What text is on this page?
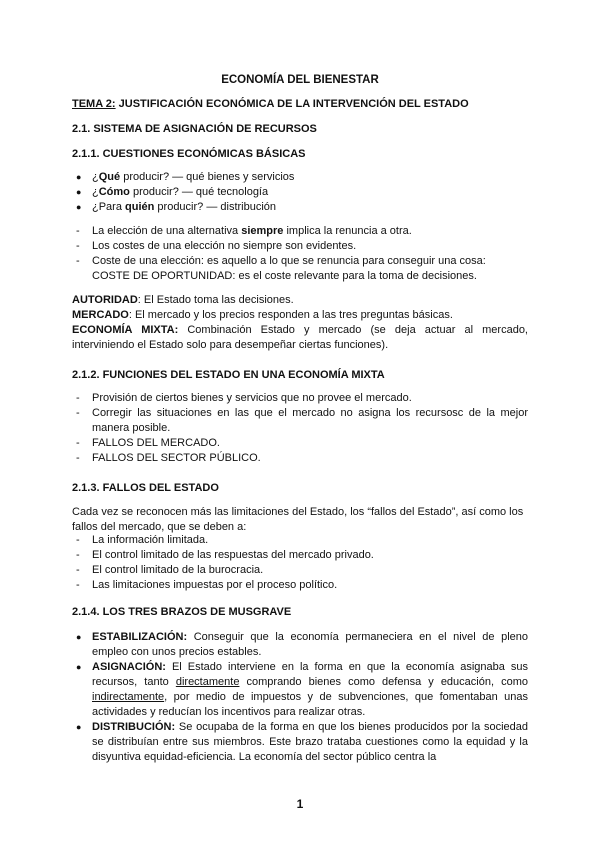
ECONOMÍA DEL BIENESTAR
TEMA 2: JUSTIFICACIÓN ECONÓMICA DE LA INTERVENCIÓN DEL ESTADO
2.1. SISTEMA DE ASIGNACIÓN DE RECURSOS
2.1.1. CUESTIONES ECONÓMICAS BÁSICAS
● ¿Qué producir? — qué bienes y servicios
● ¿Cómo producir? — qué tecnología
● ¿Para quién producir? — distribución
- La elección de una alternativa siempre implica la renuncia a otra.
- Los costes de una elección no siempre son evidentes.
- Coste de una elección: es aquello a lo que se renuncia para conseguir una cosa:
COSTE DE OPORTUNIDAD: es el coste relevante para la toma de decisiones.
AUTORIDAD: El Estado toma las decisiones.
MERCADO: El mercado y los precios responden a las tres preguntas básicas.
ECONOMÍA MIXTA: Combinación Estado y mercado (se deja actuar al mercado, interviniendo el Estado solo para desempeñar ciertas funciones).
2.1.2. FUNCIONES DEL ESTADO EN UNA ECONOMÍA MIXTA
- Provisión de ciertos bienes y servicios que no provee el mercado.
- Corregir las situaciones en las que el mercado no asigna los recursosc de la mejor manera posible.
- FALLOS DEL MERCADO.
- FALLOS DEL SECTOR PÚBLICO.
2.1.3. FALLOS DEL ESTADO
Cada vez se reconocen más las limitaciones del Estado, los “fallos del Estado”, así como los fallos del mercado, que se deben a:
- La información limitada.
- El control limitado de las respuestas del mercado privado.
- El control limitado de la burocracia.
- Las limitaciones impuestas por el proceso político.
2.1.4. LOS TRES BRAZOS DE MUSGRAVE
● ESTABILIZACIÓN: Conseguir que la economía permaneciera en el nivel de pleno empleo con unos precios estables.
● ASIGNACIÓN: El Estado interviene en la forma en que la economía asignaba sus recursos, tanto directamente comprando bienes como defensa y educación, como indirectamente, por medio de impuestos y de subvenciones, que fomentaban unas actividades y reducían los incentivos para realizar otras.
● DISTRIBUCIÓN: Se ocupaba de la forma en que los bienes producidos por la sociedad se distribuían entre sus miembros. Este brazo trataba cuestiones como la equidad y la disyuntiva equidad-eficiencia. La economía del sector público centra la
1
